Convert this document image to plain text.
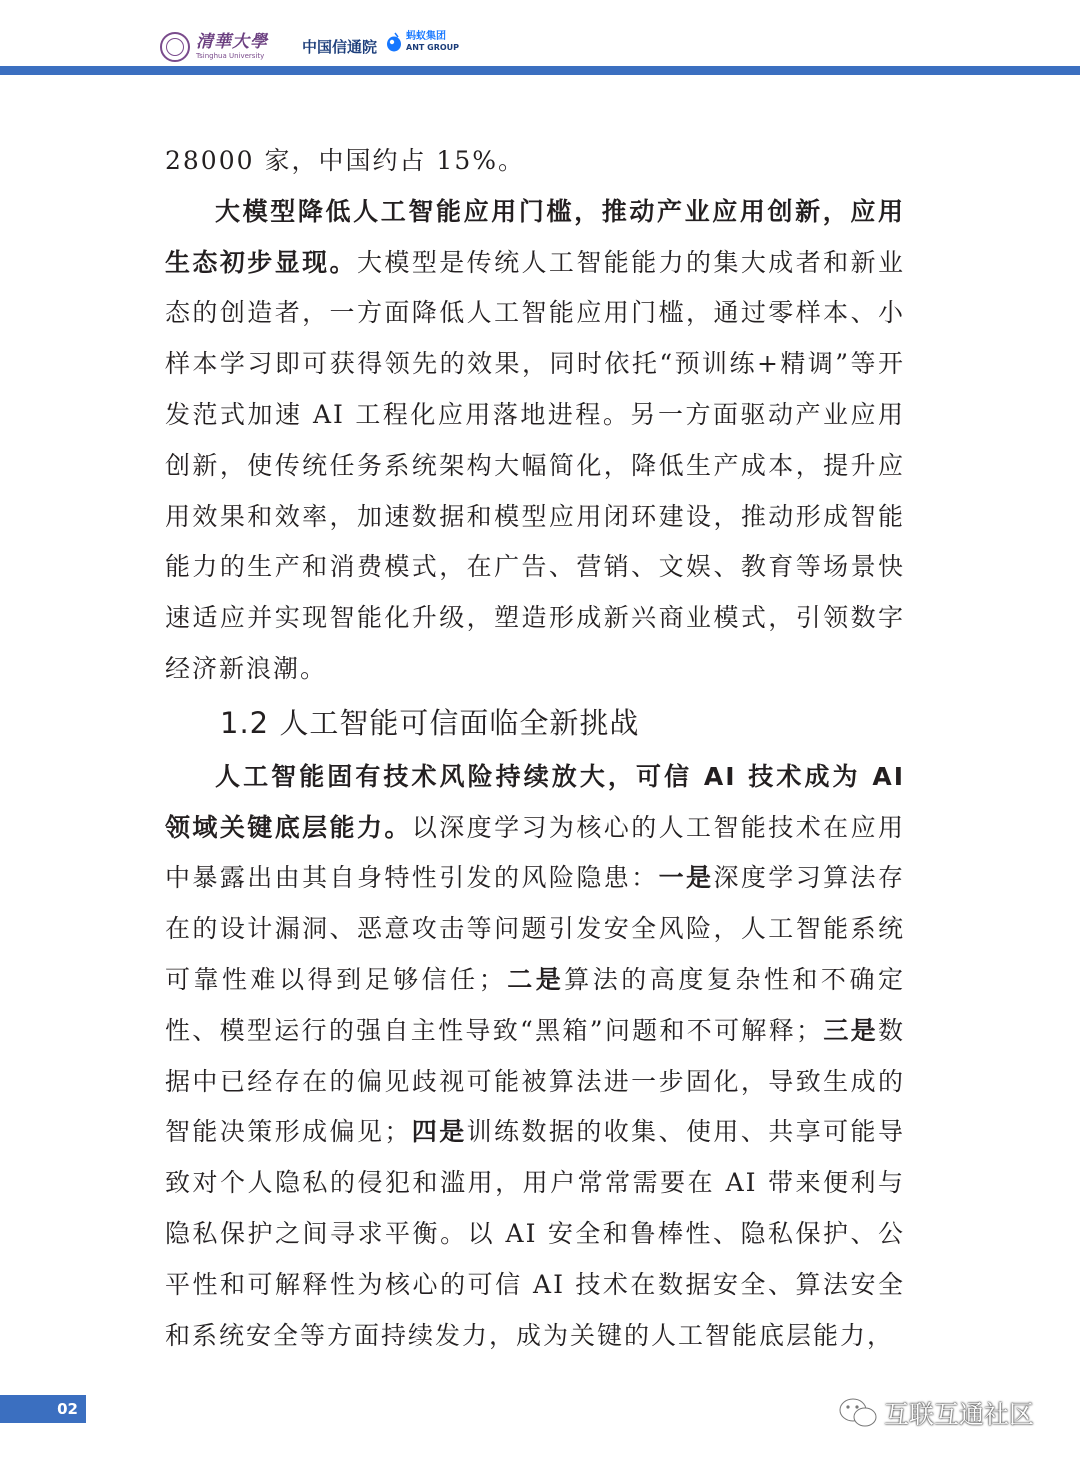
清華大學
Tsinghua University	中国信通院
蚂蚁集团
ANT GROUP

28000 家，中国约占 15%。

大模型降低人工智能应用门槛，推动产业应用创新，应用生态初步显现。大模型是传统人工智能能力的集大成者和新业态的创造者，一方面降低人工智能应用门槛，通过零样本、小样本学习即可获得领先的效果，同时依托“预训练+精调”等开发范式加速 AI 工程化应用落地进程。另一方面驱动产业应用创新，使传统任务系统架构大幅简化，降低生产成本，提升应用效果和效率，加速数据和模型应用闭环建设，推动形成智能能力的生产和消费模式，在广告、营销、文娱、教育等场景快速适应并实现智能化升级，塑造形成新兴商业模式，引领数字经济新浪潮。

1.2 人工智能可信面临全新挑战

人工智能固有技术风险持续放大，可信 AI 技术成为 AI 领域关键底层能力。以深度学习为核心的人工智能技术在应用中暴露出由其自身特性引发的风险隐患：一是深度学习算法存在的设计漏洞、恶意攻击等问题引发安全风险，人工智能系统可靠性难以得到足够信任；二是算法的高度复杂性和不确定性、模型运行的强自主性导致“黑箱”问题和不可解释；三是数据中已经存在的偏见歧视可能被算法进一步固化，导致生成的智能决策形成偏见；四是训练数据的收集、使用、共享可能导致对个人隐私的侵犯和滥用，用户常常需要在 AI 带来便利与隐私保护之间寻求平衡。以 AI 安全和鲁棒性、隐私保护、公平性和可解释性为核心的可信 AI 技术在数据安全、算法安全和系统安全等方面持续发力，成为关键的人工智能底层能力，

02	互联互通社区
